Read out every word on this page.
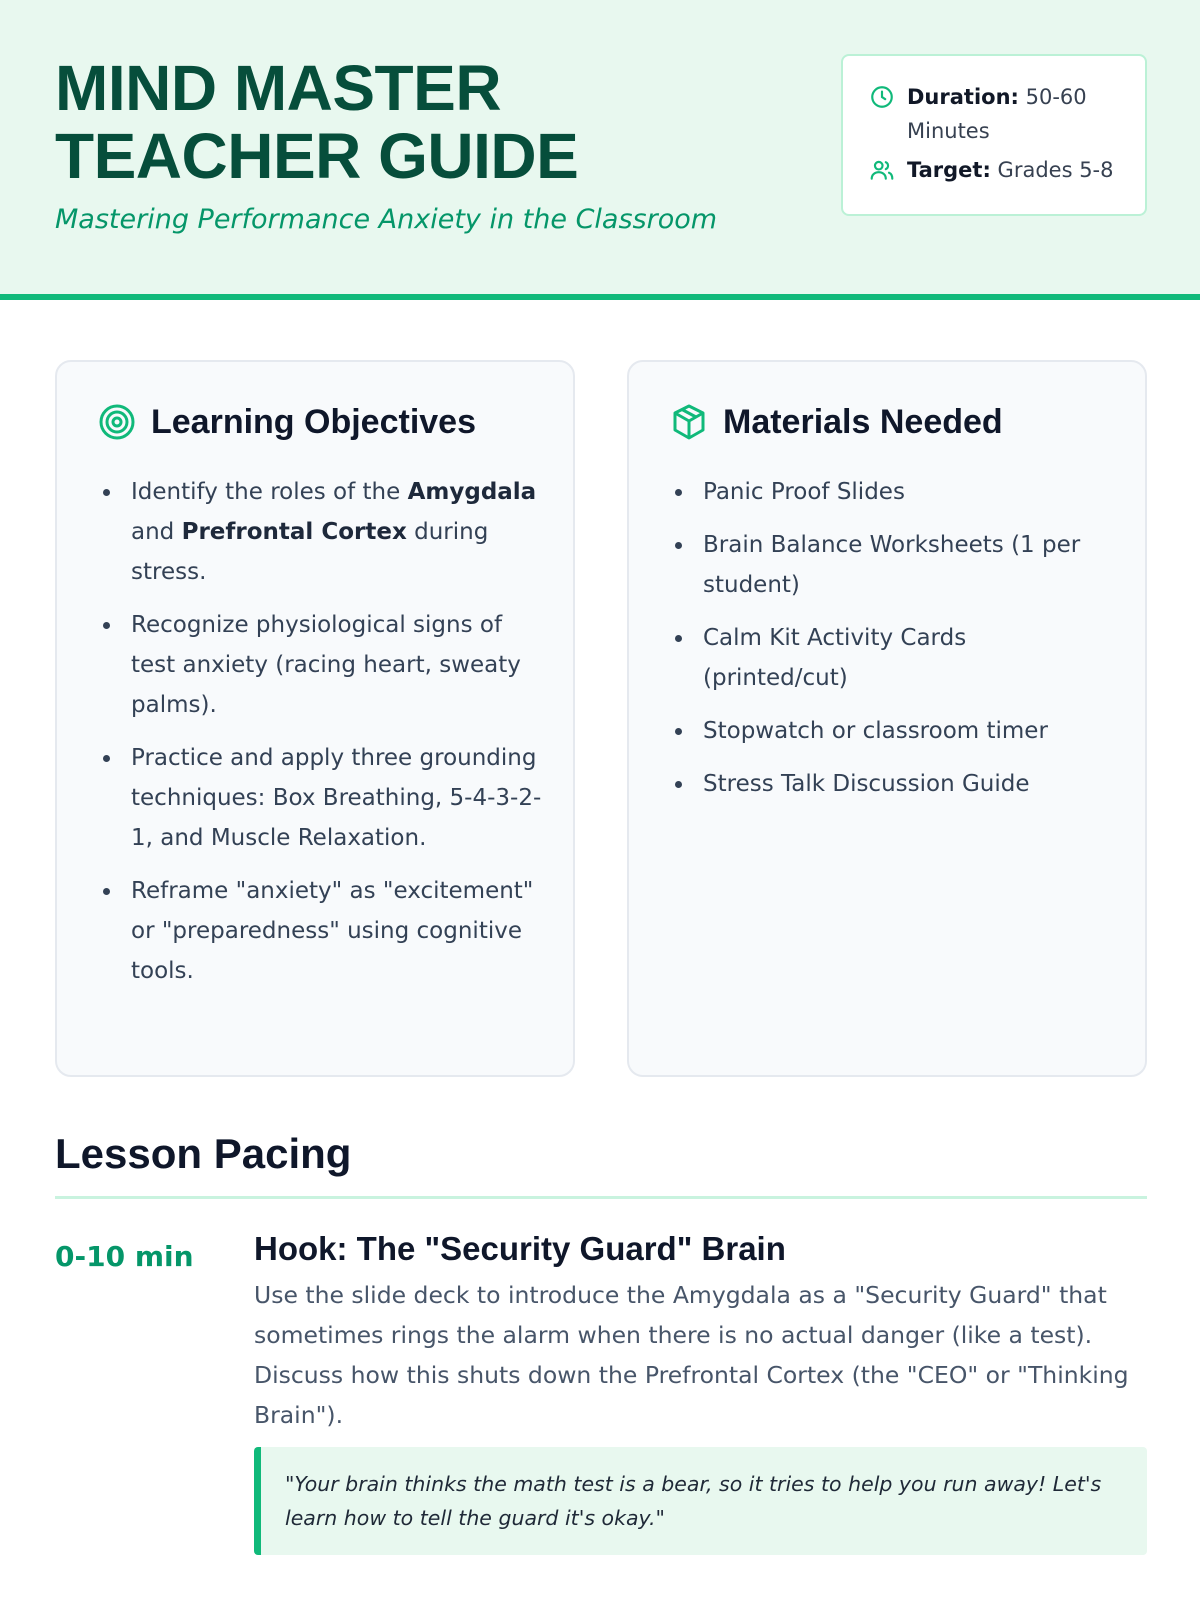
MIND MASTER TEACHER GUIDE
Mastering Performance Anxiety in the Classroom
Duration: 50-60 Minutes
Target: Grades 5-8
Learning Objectives
Identify the roles of the Amygdala and Prefrontal Cortex during stress.
Recognize physiological signs of test anxiety (racing heart, sweaty palms).
Practice and apply three grounding techniques: Box Breathing, 5-4-3-2-1, and Muscle Relaxation.
Reframe "anxiety" as "excitement" or "preparedness" using cognitive tools.
Materials Needed
Panic Proof Slides
Brain Balance Worksheets (1 per student)
Calm Kit Activity Cards (printed/cut)
Stopwatch or classroom timer
Stress Talk Discussion Guide
Lesson Pacing
0-10 min Hook: The "Security Guard" Brain

Use the slide deck to introduce the Amygdala as a "Security Guard" that sometimes rings the alarm when there is no actual danger (like a test). Discuss how this shuts down the Prefrontal Cortex (the "CEO" or "Thinking Brain").

"Your brain thinks the math test is a bear, so it tries to help you run away! Let's learn how to tell the guard it's okay."
